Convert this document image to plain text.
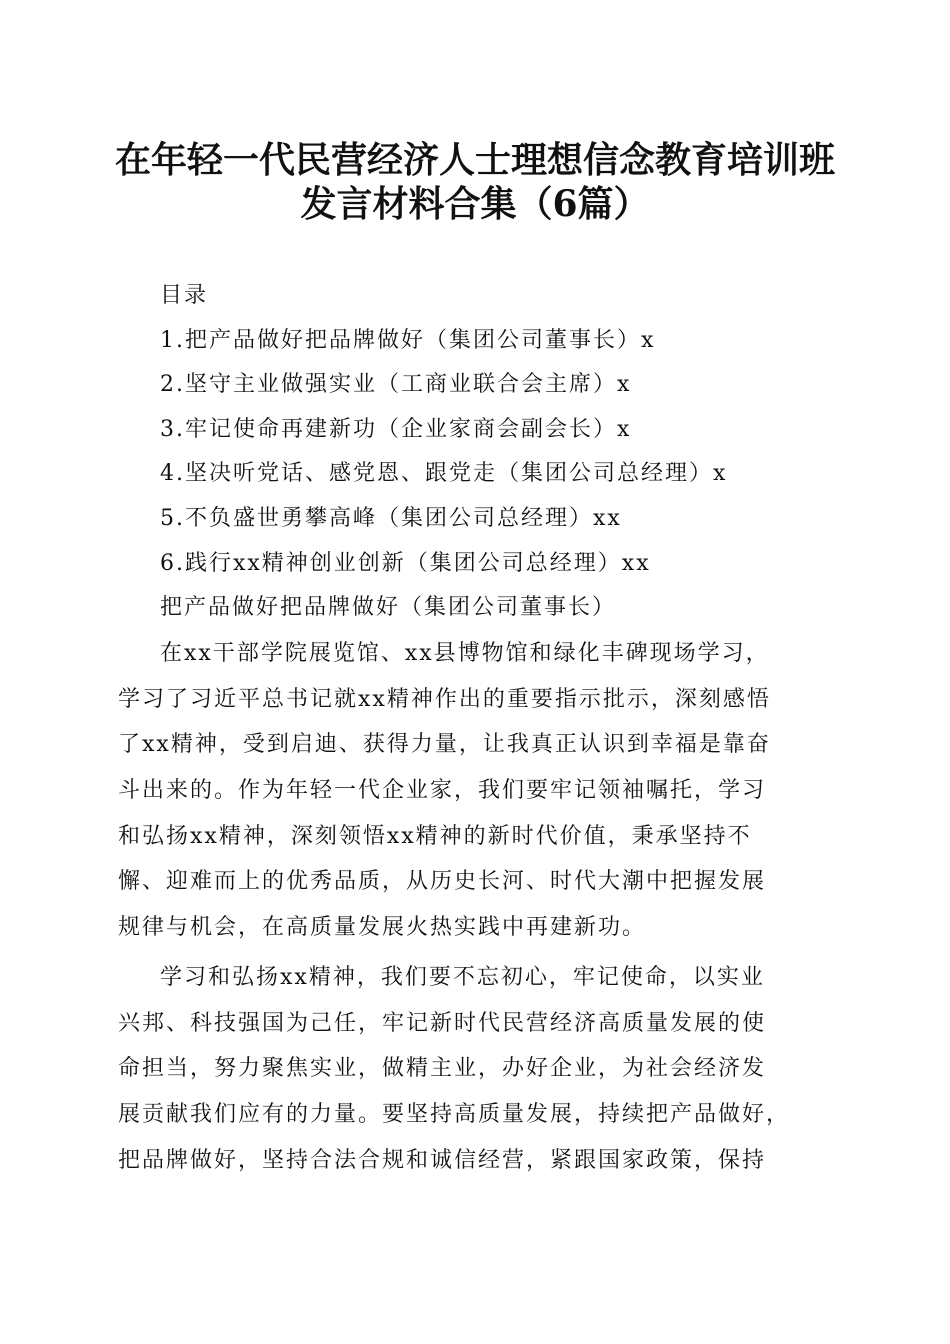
在年轻一代民营经济人士理想信念教育培训班
发言材料合集（6篇）
目录
1.把产品做好把品牌做好（集团公司董事长）x
2.坚守主业做强实业（工商业联合会主席）x
3.牢记使命再建新功（企业家商会副会长）x
4.坚决听党话、感党恩、跟党走（集团公司总经理）x
5.不负盛世勇攀高峰（集团公司总经理）xx
6.践行xx精神创业创新（集团公司总经理）xx
把产品做好把品牌做好（集团公司董事长）

在xx干部学院展览馆、xx县博物馆和绿化丰碑现场学习，
学习了习近平总书记就xx精神作出的重要指示批示，深刻感悟
了xx精神，受到启迪、获得力量，让我真正认识到幸福是靠奋
斗出来的。作为年轻一代企业家，我们要牢记领袖嘱托，学习
和弘扬xx精神，深刻领悟xx精神的新时代价值，秉承坚持不
懈、迎难而上的优秀品质，从历史长河、时代大潮中把握发展
规律与机会，在高质量发展火热实践中再建新功。

学习和弘扬xx精神，我们要不忘初心，牢记使命，以实业
兴邦、科技强国为己任，牢记新时代民营经济高质量发展的使
命担当，努力聚焦实业，做精主业，办好企业，为社会经济发
展贡献我们应有的力量。要坚持高质量发展，持续把产品做好，
把品牌做好，坚持合法合规和诚信经营，紧跟国家政策，保持
